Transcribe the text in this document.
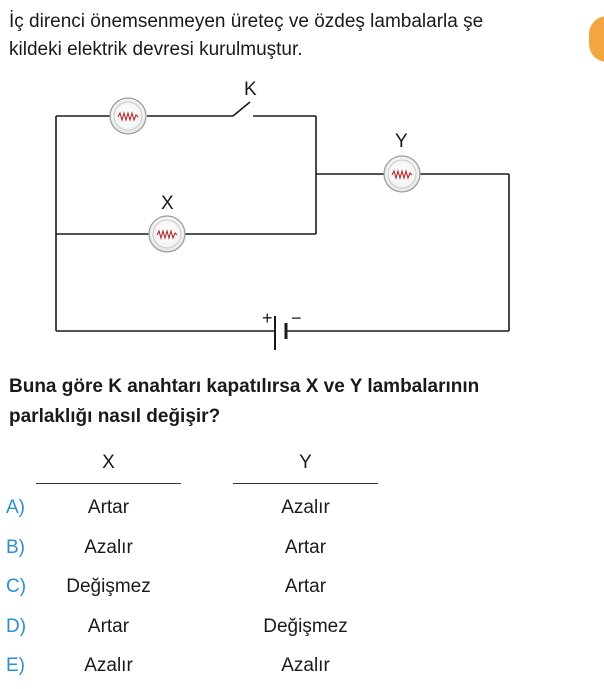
İç direnci önemsenmeyen üreteç ve özdeş lambalarla şe
kildeki elektrik devresi kurulmuştur.
K
Y
X
+ −
Buna göre K anahtarı kapatılırsa X ve Y lambalarının
parlaklığı nasıl değişir?
X	Y
A)	Artar	Azalır
B)	Azalır	Artar
C)	Değişmez	Artar
D)	Artar	Değişmez
E)	Azalır	Azalır
